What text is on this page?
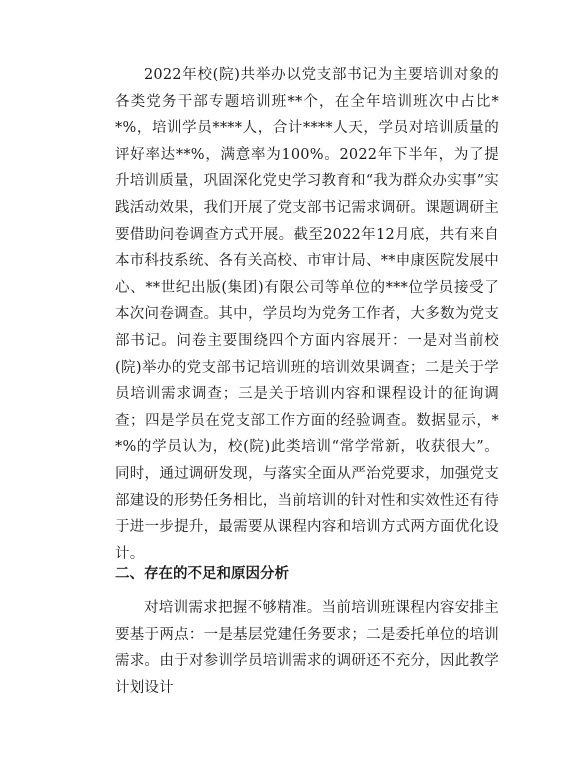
2022年校(院)共举办以党支部书记为主要培训对象的各类党务干部专题培训班**个，在全年培训班次中占比**%，培训学员****人，合计****人天，学员对培训质量的评好率达**%，满意率为100%。2022年下半年，为了提升培训质量，巩固深化党史学习教育和“我为群众办实事”实践活动效果，我们开展了党支部书记需求调研。课题调研主要借助问卷调查方式开展。截至2022年12月底，共有来自本市科技系统、各有关高校、市审计局、**申康医院发展中心、**世纪出版(集团)有限公司等单位的***位学员接受了本次问卷调查。其中，学员均为党务工作者，大多数为党支部书记。问卷主要围绕四个方面内容展开：一是对当前校(院)举办的党支部书记培训班的培训效果调查；二是关于学员培训需求调查；三是关于培训内容和课程设计的征询调查；四是学员在党支部工作方面的经验调查。数据显示，**%的学员认为，校(院)此类培训“常学常新，收获很大”。同时，通过调研发现，与落实全面从严治党要求，加强党支部建设的形势任务相比，当前培训的针对性和实效性还有待于进一步提升，最需要从课程内容和培训方式两方面优化设计。

二、存在的不足和原因分析

对培训需求把握不够精准。当前培训班课程内容安排主要基于两点：一是基层党建任务要求；二是委托单位的培训需求。由于对参训学员培训需求的调研还不充分，因此教学计划设计
